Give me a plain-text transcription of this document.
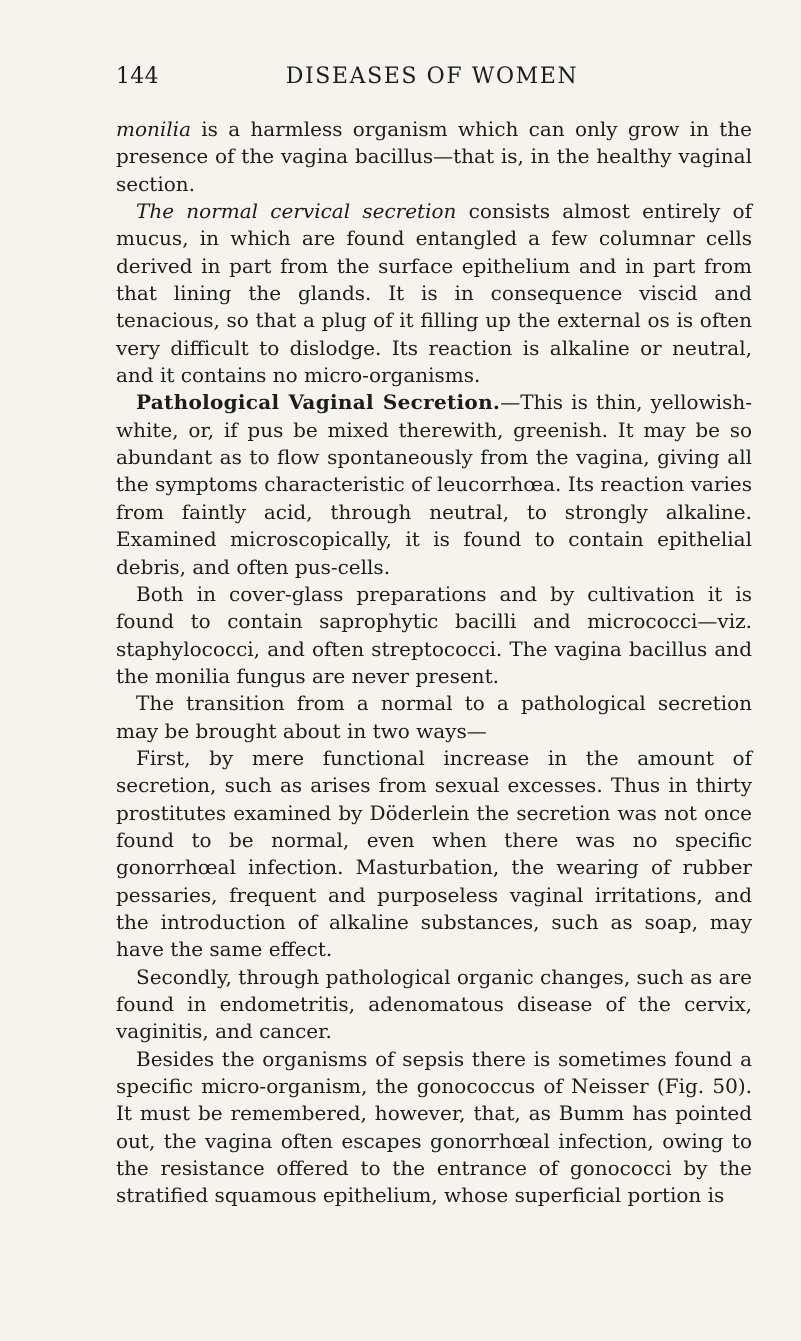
144	DISEASES OF WOMEN

monilia is a harmless organism which can only grow in the presence of the vagina bacillus—that is, in the healthy vaginal section.

The normal cervical secretion consists almost entirely of mucus, in which are found entangled a few columnar cells derived in part from the surface epithelium and in part from that lining the glands. It is in consequence viscid and tenacious, so that a plug of it filling up the external os is often very difficult to dislodge. Its reaction is alkaline or neutral, and it contains no micro-organisms.

Pathological Vaginal Secretion.—This is thin, yellowish-white, or, if pus be mixed therewith, greenish. It may be so abundant as to flow spontaneously from the vagina, giving all the symptoms characteristic of leucorrhœa. Its reaction varies from faintly acid, through neutral, to strongly alkaline. Examined microscopically, it is found to contain epithelial debris, and often pus-cells.

Both in cover-glass preparations and by cultivation it is found to contain saprophytic bacilli and micrococci—viz. staphylococci, and often streptococci. The vagina bacillus and the monilia fungus are never present.

The transition from a normal to a pathological secretion may be brought about in two ways—

First, by mere functional increase in the amount of secretion, such as arises from sexual excesses. Thus in thirty prostitutes examined by Döderlein the secretion was not once found to be normal, even when there was no specific gonorrhœal infection. Masturbation, the wearing of rubber pessaries, frequent and purposeless vaginal irritations, and the introduction of alkaline substances, such as soap, may have the same effect.

Secondly, through pathological organic changes, such as are found in endometritis, adenomatous disease of the cervix, vaginitis, and cancer.

Besides the organisms of sepsis there is sometimes found a specific micro-organism, the gonococcus of Neisser (Fig. 50). It must be remembered, however, that, as Bumm has pointed out, the vagina often escapes gonorrhœal infection, owing to the resistance offered to the entrance of gonococci by the stratified squamous epithelium, whose superficial portion is
